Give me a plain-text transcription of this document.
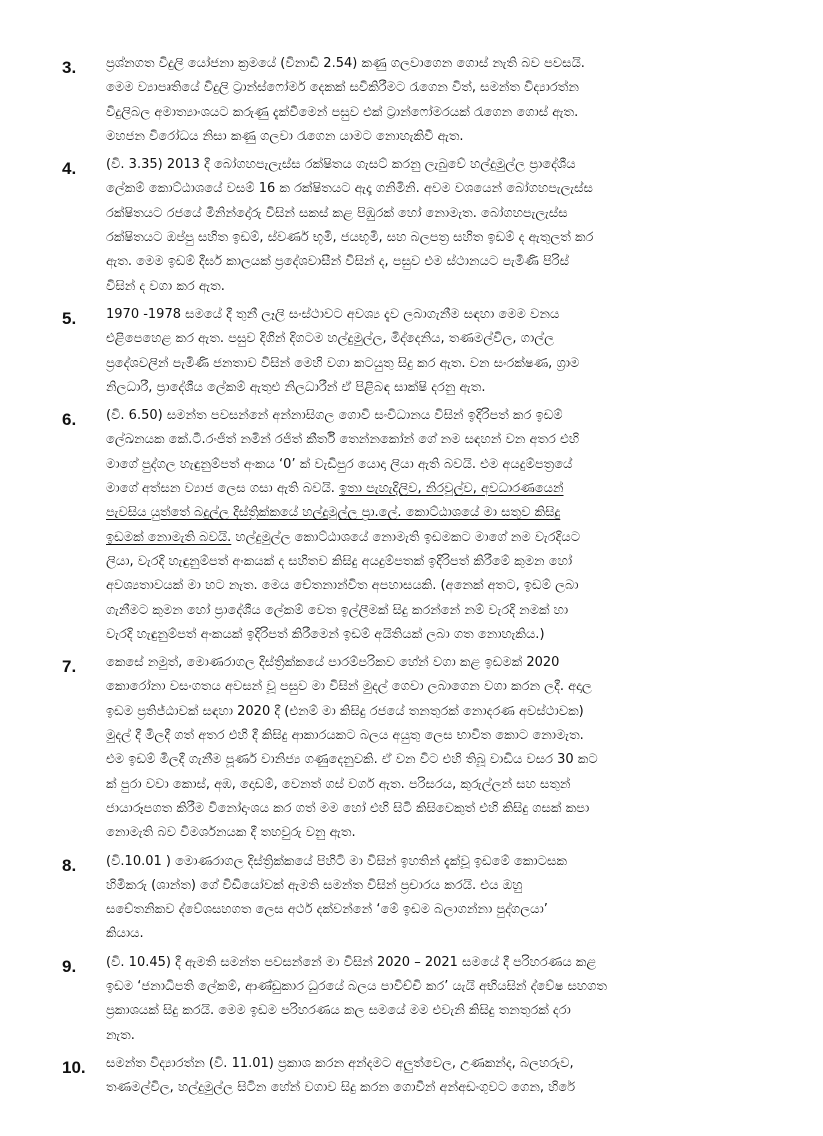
3.	ප්‍රශ්නගත විදුලි යෝජනා ක්‍රමයේ (විනාඩි 2.54) කණු ගලවාගෙන ගොස් නැති බව පවසයි.
මෙම ව්‍යාපෘතියේ විදුලි ට්‍රාන්ස්ෆෝමර් දෙකක් සවිකිරීමට රැගෙන විත්, සමන්ත විද්‍යාරත්න
විදුලිබල අමාත්‍යාංශයට කරුණු දැක්වීමෙන් පසුව එක් ට්‍රාන්ෆෝමරයක් රැගෙන ගොස් ඇත.
මහජන විරෝධය නිසා කණු ගලවා රැගෙන යාමට නොහැකිවී ඇත.
4.	(වි. 3.35) 2013 දී බෝගහපැලැස්ස රක්ෂිතය ගැසට් කරනු ලැබුවේ හල්දුමුල්ල ප්‍රාදේශීය
ලේකම් කොට්ඨාශයේ වසම් 16 ක රක්ෂිතයට ඇදෑ ගනිමිනි. අවම වශයෙන් බෝගහපැලැස්ස
රක්ෂිතයට රජයේ මිනින්දෝරු විසින් සකස් කළ පිඹුරක් හෝ නොමැත. බෝගහපැලැස්ස
රක්ෂිතයට ඔප්පු සහිත ඉඩම්, ස්වර්ණ භූමි, ජයභූමි, සහ බලපත්‍ර සහිත ඉඩම් ද ඇතුලත් කර
ඇත. මෙම ඉඩම් දීර්ඝ කාලයක් ප්‍රදේශවාසීන් විසින් ද, පසුව එම ස්ථානයට පැමිණි පිරිස්
විසින් ද වගා කර ඇත.
5.	1970 -1978 සමයේ දී තුනී ලෑලි සංස්ථාවට අවශ්‍ය දැව ලබාගැනීම සඳහා මෙම වනය
එළිපෙහෙළ කර ඇත. පසුව දිගින් දිගටම හල්දුමුල්ල, මිද්දෙනිය, තණමල්විල, ගාල්ල
ප්‍රදේශවලින් පැමිණි ජනතාව විසින් මෙහි වගා කටයුතු සිදු කර ඇත. වන සංරක්ෂණ, ග්‍රාම
නිලධාරී, ප්‍රාදේශීය ලේකම් ඇතුළු නිලධාරීන් ඒ පිළිබඳ සාක්ෂි දරනු ඇත.
6.	(වි. 6.50) සමන්ත පවසන්නේ අන්නාසිගල ගොවි සංවිධානය විසින් ඉදිරිපත් කර ඉඩම්
ලේඛනයක කේ.ටී.රංජිත් නමින් රජිත් කීර්ති තෙන්නකෝන් ගේ නම සඳහන් වන අතර එහි
මාගේ පුද්ගල හැඳුනුම්පත් අංකය ‘0’ ක් වැඩිපුර යොදා ලියා ඇති බවයි. එම අයදුම්පත්‍රයේ
මාගේ අත්සන ව්‍යාජ ලෙස ගසා ඇති බවයි. ඉතා පැහැදිලිව, නිරවුල්ව, අවධාරණයෙන්
පැවසිය යුත්තේ බදුල්ල දිස්ත්‍රික්කයේ හල්දුමුල්ල ප්‍රා.ලේ. කොට්ඨාශයේ මා සතුව කිසිදු
ඉඩමක් නොමැති බවයි. හල්දුමුල්ල කොට්ඨාශයේ නොමැති ඉඩමකට මාගේ නම වැරදියට
ලියා, වැරදි හැඳුනුම්පත් අංකයක් ද සහිතව කිසිදු අයදුම්පතක් ඉදිරිපත් කිරීමේ කුමන හෝ
අවශ්‍යතාවයක් මා හට නැත. මෙය චේතනාන්විත අපහාසයකි. (අනෙක් අතට, ඉඩම් ලබා
ගැනීමට කුමන හෝ ප්‍රාදේශීය ලේකම් වෙත ඉල්ලීමක් සිදු කරන්නේ නම් වැරදි නමක් හා
වැරදි හැඳුනුම්පත් අංකයක් ඉදිරිපත් කිරීමෙන් ඉඩම් අයිතියක් ලබා ගත නොහැකිය.)
7.	කෙසේ නමුත්, මොණරාගල දිස්ත්‍රික්කයේ පාරම්පරිකව හේන් වගා කළ ඉඩමක් 2020
කොරෝනා වසංගතය අවසන් වූ පසුව මා විසින් මුදල් ගෙවා ලබාගෙන වගා කරන ලදී. අදාල
ඉඩම ප්‍රතිජ්ඨාවක් සඳහා 2020 දී (එනම් මා කිසිදු රජයේ තනතුරක් නොදරණ අවස්ථාවක)
මුදල් දී මිලදී ගත් අතර එහි දී කිසිදු ආකාරයකට බලය අයුතු ලෙස භාවිත කොට නොමැත.
එම ඉඩම් මිලදී ගැනීම පූර්ණ වානිජ්‍ය ගණුදෙනුවකි. ඒ වන විට එහි තිබූ වාඩිය වසර 30 කට
ක් පුරා වවා කොස්, අඹ, දොඩම්, වෙනත් ගස් වර්ග ඇත. පරිසරය, කුරුල්ලන් සහ සතුන්
ජායාරූපගත කිරීම විනෝදාංශය කර ගත් මම හෝ එහි සිටි කිසිවෙකුත් එහි කිසිදු ගසක් කපා
නොමැති බව විමර්ශනයක දී තහවුරු වනු ඇත.
8.	(වි.10.01 ) මොණරාගල දිස්ත්‍රික්කයේ පිහිටි මා විසින් ඉහතින් දැක්වූ ඉඩමේ කොටසක
හිමිකරු (ශාන්ත) ගේ විඩියෝවක් ඇමති සමන්ත විසින් ප්‍රචාරය කරයි. එය ඔහු
සචේතනිකව ද්වේශසහගත ලෙස අර්ථ දක්වන්නේ ‘මේ ඉඩම බලාගන්නා පුද්ගලයා’
කියාය.
9.	(වි. 10.45) දී ඇමති සමන්ත පවසන්නේ මා විසින් 2020 – 2021 සමයේ දී පරිහරණය කළ
ඉඩම ‘ජනාධිපති ලේකම්, ආණ්ඩුකාර ධුරයේ බලය පාවිච්චි කර’ යැයි අභියසින් ද්වේෂ සහගත
ප්‍රකාශයක් සිදු කරයි. මෙම ඉඩම පරිහරණය කල සමයේ මම එවැනි කිසිදු තනතුරක් දරා
නැත.
10.	සමන්ත විද්‍යාරත්න (වි. 11.01) ප්‍රකාශ කරන අන්දමට අලුත්වෙල, උණකන්ද, බලහරුව,
තණමල්විල, හල්දුමුල්ල සිටින හේන් වගාව සිදු කරන ගොවීන් අන්අඩංගුවට ගෙන, හිරේ
